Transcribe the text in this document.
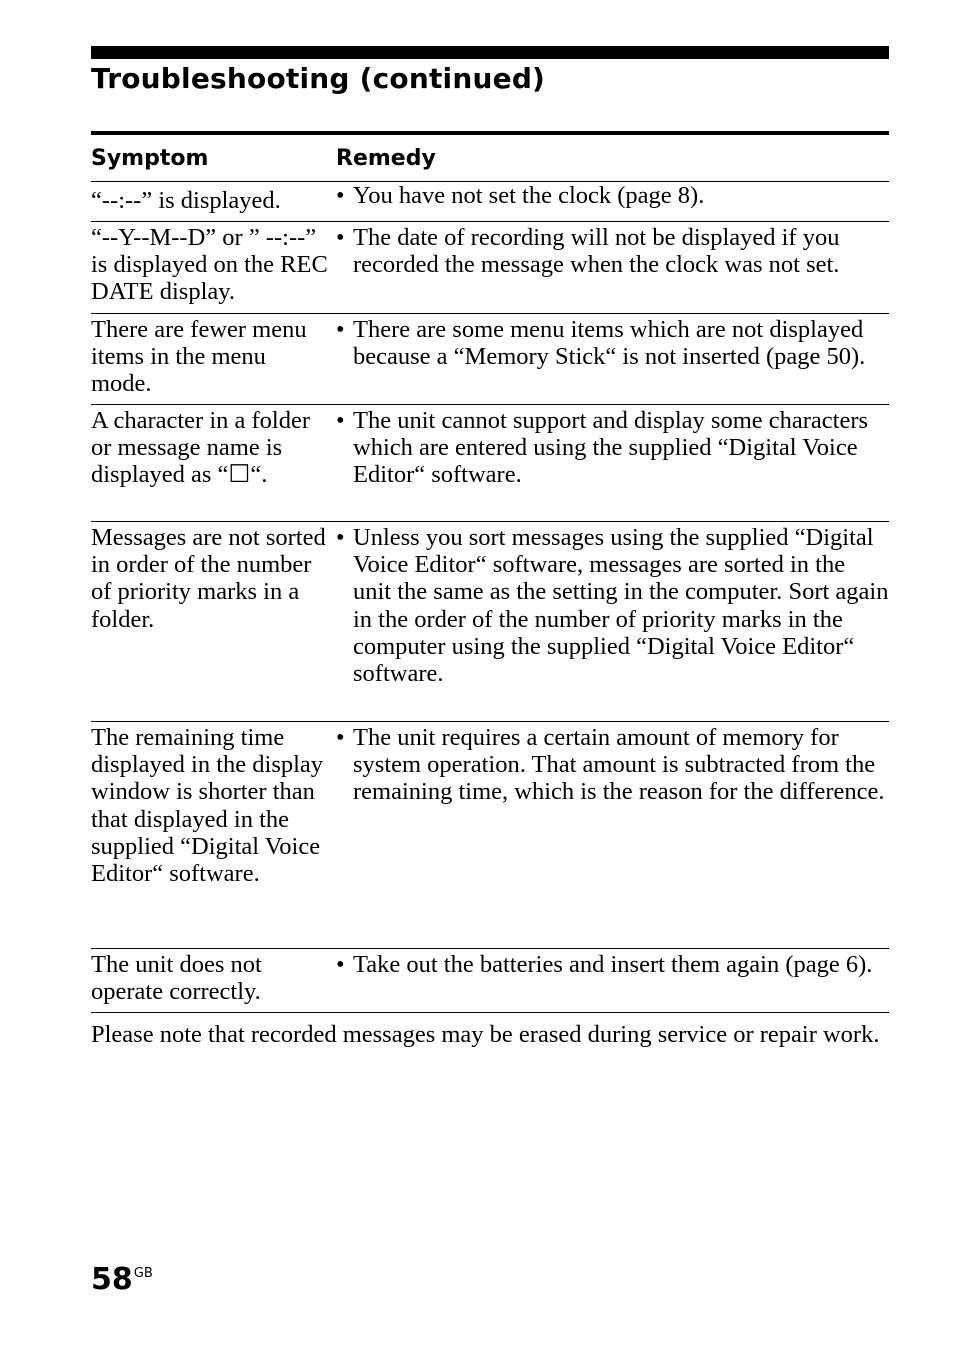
Troubleshooting (continued)
Symptom	Remedy
“--:--” is displayed.	• You have not set the clock (page 8).
“--Y--M--D” or ” --:--” is displayed on the REC DATE display.
• The date of recording will not be displayed if you recorded the message when the clock was not set.
There are fewer menu items in the menu mode.
• There are some menu items which are not displayed because a “Memory Stick“ is not inserted (page 50).
A character in a folder or message name is displayed as “☐“.
• The unit cannot support and display some characters which are entered using the supplied “Digital Voice Editor“ software.
Messages are not sorted in order of the number of priority marks in a folder.
• Unless you sort messages using the supplied “Digital Voice Editor“ software, messages are sorted in the unit the same as the setting in the computer. Sort again in the order of the number of priority marks in the computer using the supplied “Digital Voice Editor“ software.
The remaining time displayed in the display window is shorter than that displayed in the supplied “Digital Voice Editor“ software.
• The unit requires a certain amount of memory for system operation. That amount is subtracted from the remaining time, which is the reason for the difference.
The unit does not operate correctly.
• Take out the batteries and insert them again (page 6).

Please note that recorded messages may be erased during service or repair work.

$58^{GB}$
